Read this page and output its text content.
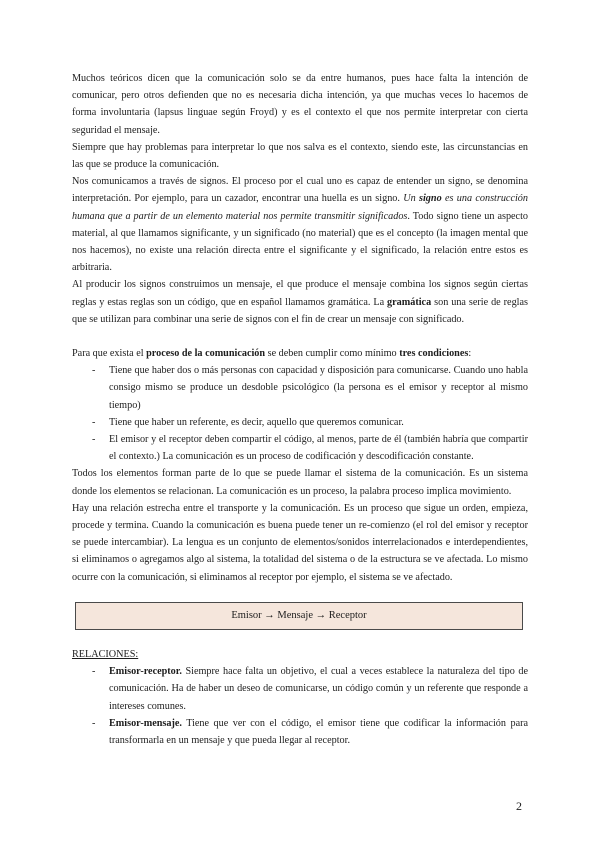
Muchos teóricos dicen que la comunicación solo se da entre humanos, pues hace falta la intención de comunicar, pero otros defienden que no es necesaria dicha intención, ya que muchas veces lo hacemos de forma involuntaria (lapsus linguae según Froyd) y es el contexto el que nos permite interpretar con cierta seguridad el mensaje.

Siempre que hay problemas para interpretar lo que nos salva es el contexto, siendo este, las circunstancias en las que se produce la comunicación.

Nos comunicamos a través de signos. El proceso por el cual uno es capaz de entender un signo, se denomina interpretación. Por ejemplo, para un cazador, encontrar una huella es un signo. Un signo es una construcción humana que a partir de un elemento material nos permite transmitir significados. Todo signo tiene un aspecto material, al que llamamos significante, y un significado (no material) que es el concepto (la imagen mental que nos hacemos), no existe una relación directa entre el significante y el significado, la relación entre estos es arbitraria.

Al producir los signos construimos un mensaje, el que produce el mensaje combina los signos según ciertas reglas y estas reglas son un código, que en español llamamos gramática. La gramática son una serie de reglas que se utilizan para combinar una serie de signos con el fin de crear un mensaje con significado.

Para que exista el proceso de la comunicación se deben cumplir como mínimo tres condiciones:

- Tiene que haber dos o más personas con capacidad y disposición para comunicarse. Cuando uno habla consigo mismo se produce un desdoble psicológico (la persona es el emisor y receptor al mismo tiempo)
- Tiene que haber un referente, es decir, aquello que queremos comunicar.
- El emisor y el receptor deben compartir el código, al menos, parte de él (también habría que compartir el contexto.) La comunicación es un proceso de codificación y descodificación constante.

Todos los elementos forman parte de lo que se puede llamar el sistema de la comunicación. Es un sistema donde los elementos se relacionan. La comunicación es un proceso, la palabra proceso implica movimiento.

Hay una relación estrecha entre el transporte y la comunicación. Es un proceso que sigue un orden, empieza, procede y termina. Cuando la comunicación es buena puede tener un re-comienzo (el rol del emisor y receptor se puede intercambiar). La lengua es un conjunto de elementos/sonidos interrelacionados e interdependientes, si eliminamos o agregamos algo al sistema, la totalidad del sistema o de la estructura se ve afectada. Lo mismo ocurre con la comunicación, si eliminamos al receptor por ejemplo, el sistema se ve afectado.

Emisor → Mensaje → Receptor

RELACIONES:

- Emisor-receptor. Siempre hace falta un objetivo, el cual a veces establece la naturaleza del tipo de comunicación. Ha de haber un deseo de comunicarse, un código común y un referente que responde a intereses comunes.
- Emisor-mensaje. Tiene que ver con el código, el emisor tiene que codificar la información para transformarla en un mensaje y que pueda llegar al receptor.
2
